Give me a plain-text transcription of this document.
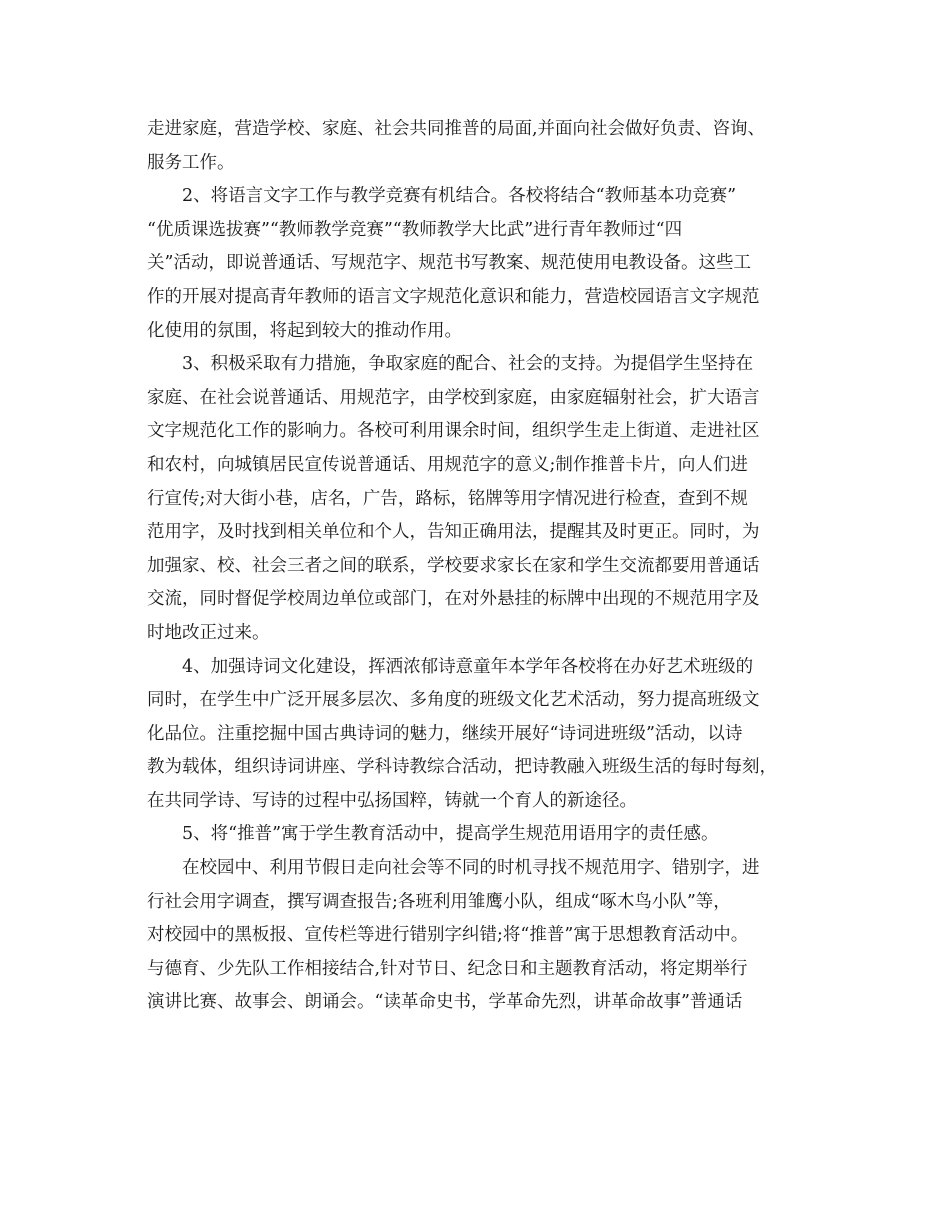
走进家庭，营造学校、家庭、社会共同推普的局面,并面向社会做好负责、咨询、
服务工作。
2、将语言文字工作与教学竞赛有机结合。各校将结合“教师基本功竞赛”
“优质课选拔赛”“教师教学竞赛”“教师教学大比武”进行青年教师过“四
关”活动，即说普通话、写规范字、规范书写教案、规范使用电教设备。这些工
作的开展对提高青年教师的语言文字规范化意识和能力，营造校园语言文字规范
化使用的氛围，将起到较大的推动作用。
3、积极采取有力措施，争取家庭的配合、社会的支持。为提倡学生坚持在
家庭、在社会说普通话、用规范字，由学校到家庭，由家庭辐射社会，扩大语言
文字规范化工作的影响力。各校可利用课余时间，组织学生走上街道、走进社区
和农村，向城镇居民宣传说普通话、用规范字的意义;制作推普卡片，向人们进
行宣传;对大街小巷，店名，广告，路标，铭牌等用字情况进行检查，查到不规
范用字，及时找到相关单位和个人，告知正确用法，提醒其及时更正。同时，为
加强家、校、社会三者之间的联系，学校要求家长在家和学生交流都要用普通话
交流，同时督促学校周边单位或部门，在对外悬挂的标牌中出现的不规范用字及
时地改正过来。
4、加强诗词文化建设，挥洒浓郁诗意童年本学年各校将在办好艺术班级的
同时，在学生中广泛开展多层次、多角度的班级文化艺术活动，努力提高班级文
化品位。注重挖掘中国古典诗词的魅力，继续开展好“诗词进班级”活动，以诗
教为载体，组织诗词讲座、学科诗教综合活动，把诗教融入班级生活的每时每刻，
在共同学诗、写诗的过程中弘扬国粹，铸就一个育人的新途径。
5、将“推普”寓于学生教育活动中，提高学生规范用语用字的责任感。
在校园中、利用节假日走向社会等不同的时机寻找不规范用字、错别字，进
行社会用字调查，撰写调查报告;各班利用雏鹰小队，组成“啄木鸟小队”等，
对校园中的黑板报、宣传栏等进行错别字纠错;将“推普”寓于思想教育活动中。
与德育、少先队工作相接结合,针对节日、纪念日和主题教育活动，将定期举行
演讲比赛、故事会、朗诵会。“读革命史书，学革命先烈，讲革命故事”普通话
